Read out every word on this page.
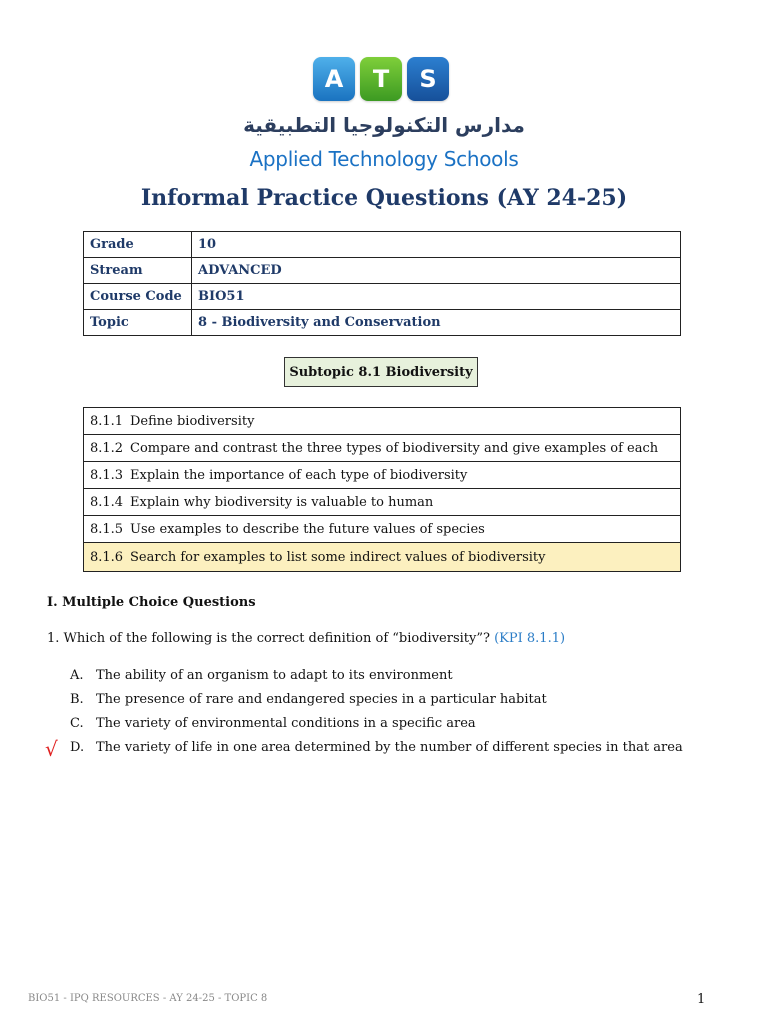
A	T	S
مدارس التكنولوجيا التطبيقية
Applied Technology Schools
Informal Practice Questions (AY 24-25)
Grade	10
Stream	ADVANCED
Course Code	BIO51
Topic	8 - Biodiversity and Conservation
Subtopic 8.1 Biodiversity
8.1.1 Define biodiversity
8.1.2 Compare and contrast the three types of biodiversity and give examples of each
8.1.3 Explain the importance of each type of biodiversity
8.1.4 Explain why biodiversity is valuable to human
8.1.5 Use examples to describe the future values of species
8.1.6 Search for examples to list some indirect values of biodiversity
I. Multiple Choice Questions
1. Which of the following is the correct definition of “biodiversity”? (KPI 8.1.1)
√
A. The ability of an organism to adapt to its environment
B. The presence of rare and endangered species in a particular habitat
C. The variety of environmental conditions in a specific area
D. The variety of life in one area determined by the number of different species in that area
BIO51 - IPQ RESOURCES - AY 24-25 - TOPIC 8	1
